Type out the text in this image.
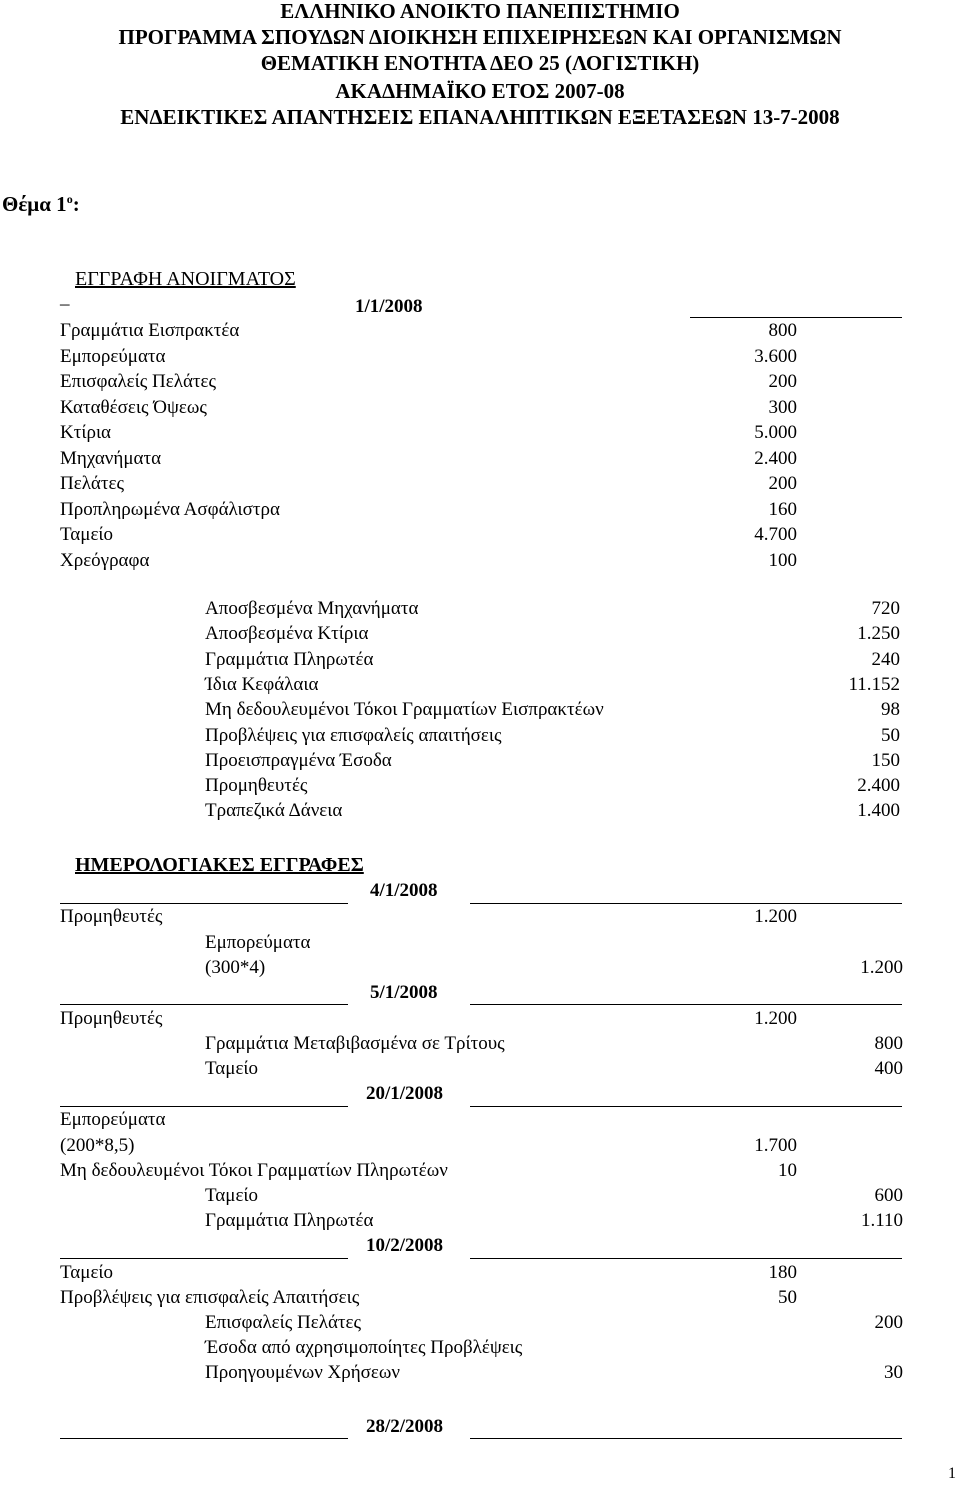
ΕΛΛΗΝΙΚΟ ΑΝΟΙΚΤΟ ΠΑΝΕΠΙΣΤΗΜΙΟ
ΠΡΟΓΡΑΜΜΑ ΣΠΟΥΔΩΝ ΔΙΟΙΚΗΣΗ ΕΠΙΧΕΙΡΗΣΕΩΝ ΚΑΙ ΟΡΓΑΝΙΣΜΩΝ
ΘΕΜΑΤΙΚΗ ΕΝΟΤΗΤΑ ΔΕΟ 25 (ΛΟΓΙΣΤΙΚΗ)
ΑΚΑΔΗΜΑΪΚΟ ΕΤΟΣ 2007-08
ΕΝΔΕΙΚΤΙΚΕΣ ΑΠΑΝΤΗΣΕΙΣ ΕΠΑΝΑΛΗΠΤΙΚΩΝ ΕΞΕΤΑΣΕΩΝ 13-7-2008
Θέμα $1^o$:
ΕΓΓΡΑΦΗ ΑΝΟΙΓΜΑΤΟΣ
_	1/1/2008
Γραμμάτια Εισπρακτέα	800
Εμπορεύματα	3.600
Επισφαλείς Πελάτες	200
Καταθέσεις Όψεως	300
Κτίρια	5.000
Μηχανήματα	2.400
Πελάτες	200
Προπληρωμένα Ασφάλιστρα	160
Ταμείο	4.700
Χρεόγραφα	100
Αποσβεσμένα Μηχανήματα	720
Αποσβεσμένα Κτίρια	1.250
Γραμμάτια Πληρωτέα	240
Ίδια Κεφάλαια	11.152
Μη δεδουλευμένοι Τόκοι Γραμματίων Εισπρακτέων	98
Προβλέψεις για επισφαλείς απαιτήσεις	50
Προεισπραγμένα Έσοδα	150
Προμηθευτές	2.400
Τραπεζικά Δάνεια	1.400
ΗΜΕΡΟΛΟΓΙΑΚΕΣ ΕΓΓΡΑΦΕΣ
4/1/2008
Προμηθευτές	1.200
Εμπορεύματα
(300*4)	1.200
5/1/2008
Προμηθευτές	1.200
Γραμμάτια Μεταβιβασμένα σε Τρίτους	800
Ταμείο	400
20/1/2008
Εμπορεύματα
(200*8,5)	1.700
Μη δεδουλευμένοι Τόκοι Γραμματίων Πληρωτέων	10
Ταμείο	600
Γραμμάτια Πληρωτέα	1.110
10/2/2008
Ταμείο	180
Προβλέψεις για επισφαλείς Απαιτήσεις	50
Επισφαλείς Πελάτες	200
Έσοδα από αχρησιμοποίητες Προβλέψεις
Προηγουμένων Χρήσεων	30
28/2/2008
1
